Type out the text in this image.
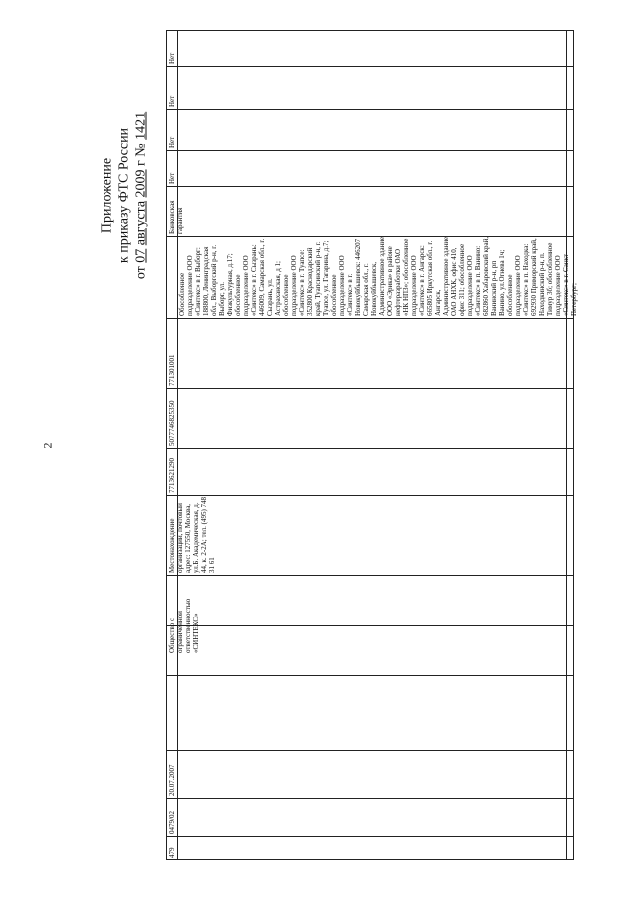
2
Приложение к приказу ФТС России
от 07 августа 2009 г № 1421
479
0479/02
20.07.2007
Общество с ограниченной ответственностью «СИНТЕКС»
Местонахождение организации, почтовый адрес: 127550, Москва, ул.Б. Академическая, д. 44, к. 2-2А; тел. (495) 748 31 61
7713621290
5077746825350
771301001
Обособленное подразделение ООО «Синтекс» в г. Выборг: 188800, Ленинградская обл., Выборгский р-н, г. Выборг, ул. Физкультурная, д.17; обособленное подразделение ООО «Синтекс» в г. Сызрань: 446009, Самарская обл., г. Сызрань, ул. Астраханская, д 1; обособленное подразделение ООО «Синтекс» в г. Туапсе: 352800 Краснодарский край, Туапсинский р-н, г. Туапсе, ул. Гагарина, д.7; обособленное подразделение ООО «Синтекс» в г. Новокуйбышевск: 446207 Самарская обл., г. Новокуйбышевск, Административное здание ООО «Эрика» в районе нефтеразработки ОАО «НК НПЗ»; обособленное подразделение ООО «Синтекс» в г. Ангарск: 665805 Иркутская обл., г. Ангарск, Административное здание ОАО АНХК, офис 410, офис 311; обособленное подразделение ООО «Синтекс» в п. Ванино: 682860 Хабаровский край, Ванинский р-н, рп Ванино, ул.Огнева 1ч; обособленное подразделение ООО «Синтекс» в п. Находка: 692930 Приморский край, Находкинский р-н, п. Тимур 3б; обособленное подразделение ООО «Синтекс» в г. Санкт-Петербург;
Банковская гарантия
Нет
Нет
Нет
Нет
